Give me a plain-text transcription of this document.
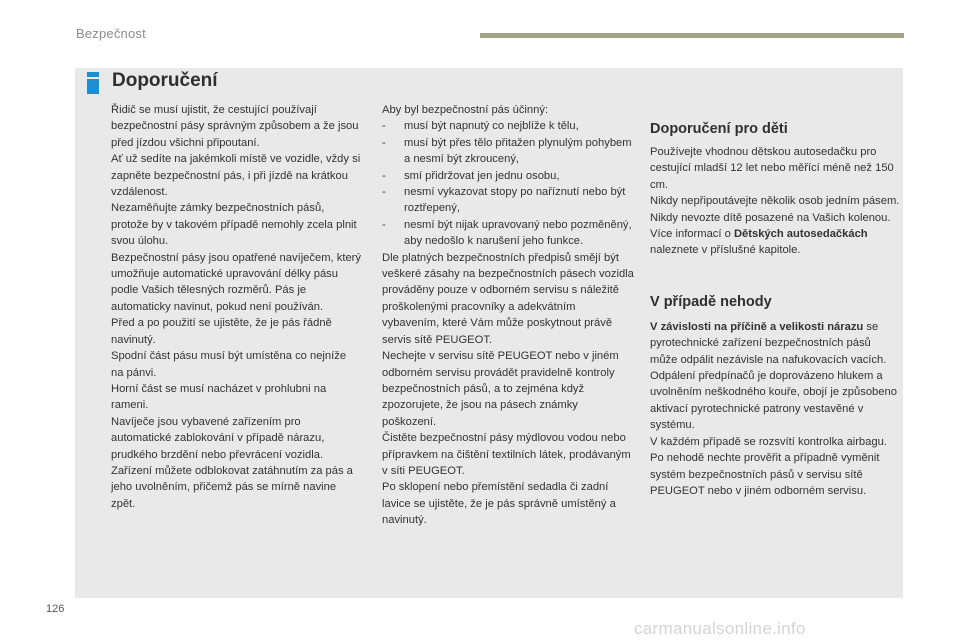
Bezpečnost
Doporučení

Řidič se musí ujistit, že cestující používají bezpečnostní pásy správným způsobem a že jsou před jízdou všichni připoutaní.

Ať už sedíte na jakémkoli místě ve vozidle, vždy si zapněte bezpečnostní pás, i při jízdě na krátkou vzdálenost.

Nezaměňujte zámky bezpečnostních pásů, protože by v takovém případě nemohly zcela plnit svou úlohu.

Bezpečnostní pásy jsou opatřené navíječem, který umožňuje automatické upravování délky pásu podle Vašich tělesných rozměrů. Pás je automaticky navinut, pokud není používán.

Před a po použití se ujistěte, že je pás řádně navinutý.

Spodní část pásu musí být umístěna co nejníže na pánvi.

Horní část se musí nacházet v prohlubni na rameni.

Navíječe jsou vybavené zařízením pro automatické zablokování v případě nárazu, prudkého brzdění nebo převrácení vozidla. Zařízení můžete odblokovat zatáhnutím za pás a jeho uvolněním, přičemž pás se mírně navine zpět.

Aby byl bezpečnostní pás účinný:

-	musí být napnutý co nejblíže k tělu,
-	musí být přes tělo přitažen plynulým pohybem a nesmí být zkroucený,
-	smí přidržovat jen jednu osobu,
-	nesmí vykazovat stopy po naříznutí nebo být roztřepený,
-	nesmí být nijak upravovaný nebo pozměněný, aby nedošlo k narušení jeho funkce.

Dle platných bezpečnostních předpisů smějí být veškeré zásahy na bezpečnostních pásech vozidla prováděny pouze v odborném servisu s náležitě proškolenými pracovníky a adekvátním vybavením, které Vám může poskytnout právě servis sítě PEUGEOT.

Nechejte v servisu sítě PEUGEOT nebo v jiném odborném servisu provádět pravidelně kontroly bezpečnostních pásů, a to zejména když zpozorujete, že jsou na pásech známky poškození.

Čistěte bezpečnostní pásy mýdlovou vodou nebo přípravkem na čištění textilních látek, prodávaným v síti PEUGEOT.

Po sklopení nebo přemístění sedadla či zadní lavice se ujistěte, že je pás správně umístěný a navinutý.

Doporučení pro děti

Používejte vhodnou dětskou autosedačku pro cestující mladší 12 let nebo měřící méně než 150 cm.

Nikdy nepřipoutávejte několik osob jedním pásem.

Nikdy nevozte dítě posazené na Vašich kolenou.

Více informací o Dětských autosedačkách naleznete v příslušné kapitole.

V případě nehody

V závislosti na příčině a velikosti nárazu se pyrotechnické zařízení bezpečnostních pásů může odpálit nezávisle na nafukovacích vacích. Odpálení předpínačů je doprovázeno hlukem a uvolněním neškodného kouře, obojí je způsobeno aktivací pyrotechnické patrony vestavěné v systému.

V každém případě se rozsvítí kontrolka airbagu.

Po nehodě nechte prověřit a případně vyměnit systém bezpečnostních pásů v servisu sítě PEUGEOT nebo v jiném odborném servisu.

126
carmanualsonline.info
